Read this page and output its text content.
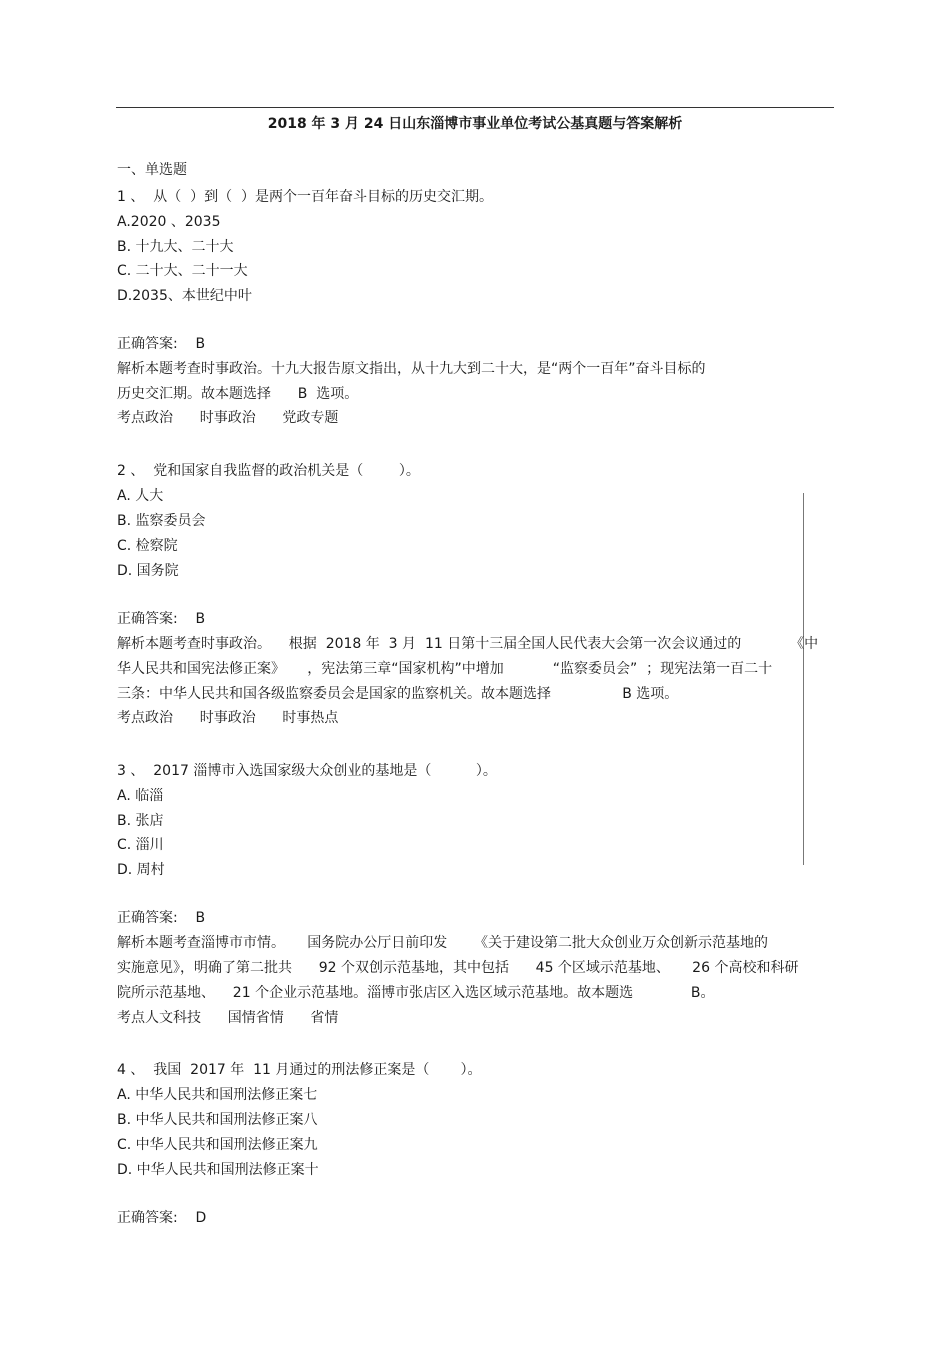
2018 年 3 月 24 日山东淄博市事业单位考试公基真题与答案解析
一、单选题
1 、  从（  ）到（  ）是两个一百年奋斗目标的历史交汇期。
A.2020 、2035
B. 十九大、二十大
C. 二十大、二十一大
D.2035、本世纪中叶
正确答案:    B
解析本题考查时事政治。十九大报告原文指出，从十九大到二十大，是“两个一百年”奋斗目标的
历史交汇期。故本题选择      B  选项。
考点政治      时事政治      党政专题
2 、  党和国家自我监督的政治机关是（        ）。
A. 人大
B. 监察委员会
C. 检察院
D. 国务院
正确答案:    B
解析本题考查时事政治。    根据  2018 年  3 月  11 日第十三届全国人民代表大会第一次会议通过的           《中
华人民共和国宪法修正案》     ，宪法第三章“国家机构”中增加           “监察委员会”  ；现宪法第一百二十
三条：中华人民共和国各级监察委员会是国家的监察机关。故本题选择                B 选项。
考点政治      时事政治      时事热点
3 、  2017 淄博市入选国家级大众创业的基地是（          ）。
A. 临淄
B. 张店
C. 淄川
D. 周村
正确答案:    B
解析本题考查淄博市市情。     国务院办公厅日前印发      《关于建设第二批大众创业万众创新示范基地的
实施意见》，明确了第二批共      92 个双创示范基地，其中包括      45 个区域示范基地、     26 个高校和科研
院所示范基地、    21 个企业示范基地。淄博市张店区入选区域示范基地。故本题选             B。
考点人文科技      国情省情      省情
4 、  我国  2017 年  11 月通过的刑法修正案是（       ）。
A. 中华人民共和国刑法修正案七
B. 中华人民共和国刑法修正案八
C. 中华人民共和国刑法修正案九
D. 中华人民共和国刑法修正案十
正确答案:    D
